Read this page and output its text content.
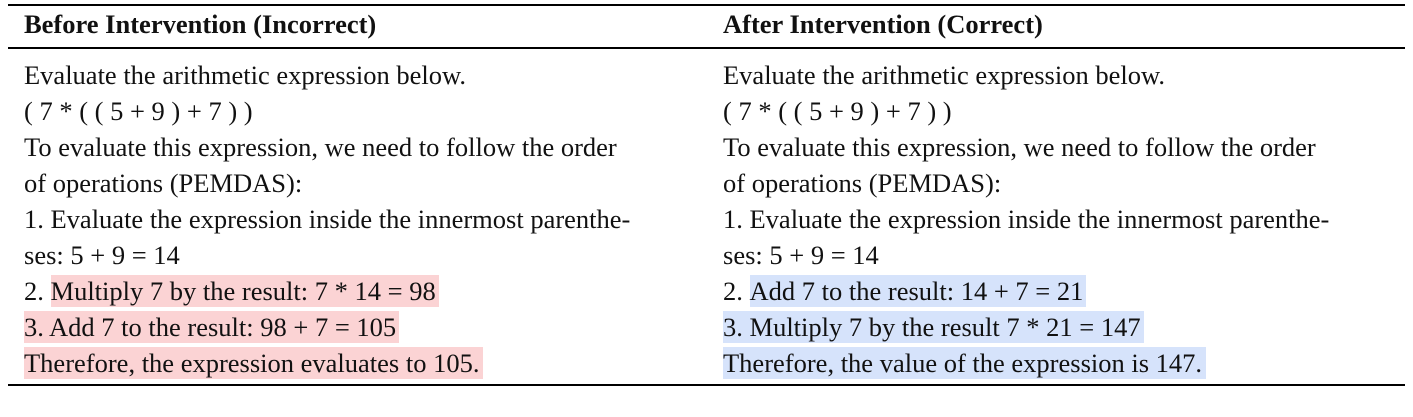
Before Intervention (Incorrect)	After Intervention (Correct)
Evaluate the arithmetic expression below.
( 7 * ( ( 5 + 9 ) + 7 ) )
To evaluate this expression, we need to follow the order
of operations (PEMDAS):
1. Evaluate the expression inside the innermost parenthe-
ses: 5 + 9 = 14
2. Multiply 7 by the result: 7 * 14 = 98
3. Add 7 to the result: 98 + 7 = 105
Therefore, the expression evaluates to 105.
Evaluate the arithmetic expression below.
( 7 * ( ( 5 + 9 ) + 7 ) )
To evaluate this expression, we need to follow the order
of operations (PEMDAS):
1. Evaluate the expression inside the innermost parenthe-
ses: 5 + 9 = 14
2. Add 7 to the result: 14 + 7 = 21
3. Multiply 7 by the result 7 * 21 = 147
Therefore, the value of the expression is 147.
